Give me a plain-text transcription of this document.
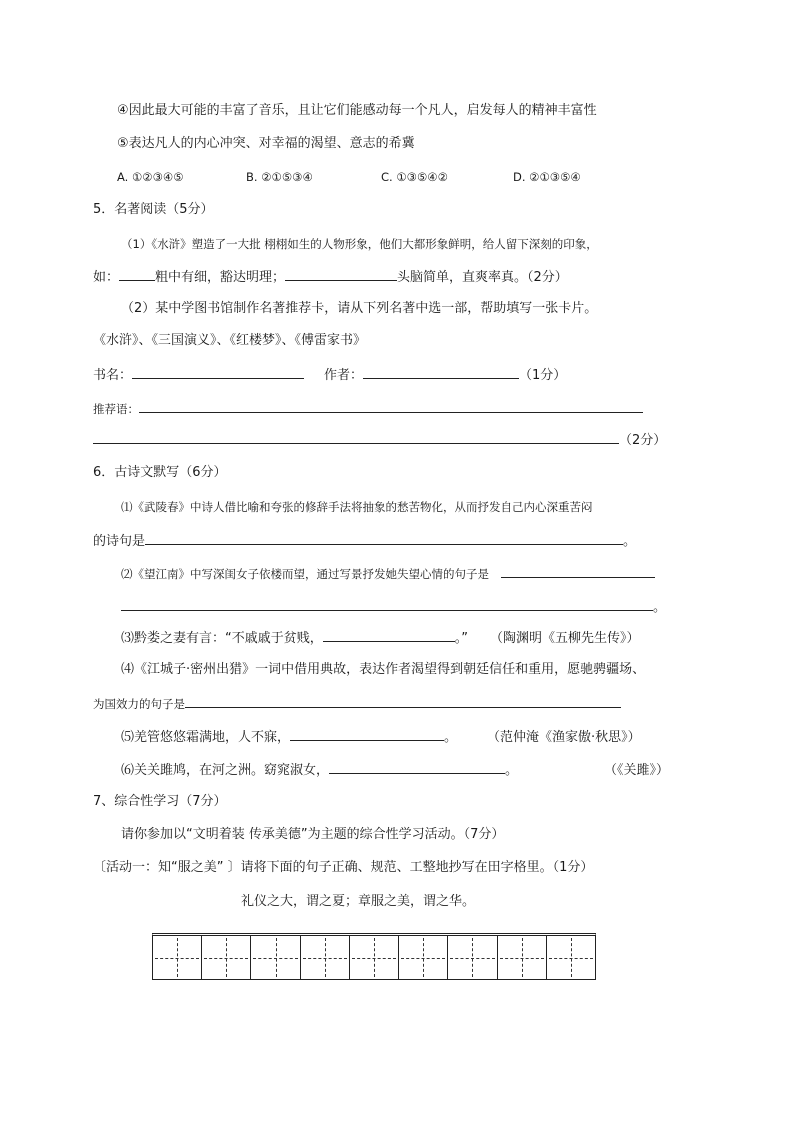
④因此最大可能的丰富了音乐，且让它们能感动每一个凡人，启发每人的精神丰富性
⑤表达凡人的内心冲突、对幸福的渴望、意志的希冀
A. ①②③④⑤	B. ②①⑤③④	C. ①③⑤④②	D. ②①③⑤④
5．名著阅读（5分）
（1）《水浒》塑造了一大批 栩栩如生的人物形象，他们大都形象鲜明，给人留下深刻的印象，
如：	粗中有细，豁达明理；	头脑简单，直爽率真。（2分）
（2）某中学图书馆制作名著推荐卡，请从下列名著中选一部，帮助填写一张卡片。
《水浒》、《三国演义》、《红楼梦》、《傅雷家书》
书名：	作者：	（1分）
推荐语：
（2分）
6．古诗文默写（6分）
⑴《武陵春》中诗人借比喻和夸张的修辞手法将抽象的愁苦物化，从而抒发自己内心深重苦闷
的诗句是	。
⑵《望江南》中写深闺女子依楼而望，通过写景抒发她失望心情的句子是
。
⑶黔娄之妻有言：“不戚戚于贫贱，	。” （陶渊明《五柳先生传》）
⑷《江城子·密州出猎》一词中借用典故，表达作者渴望得到朝廷信任和重用，愿驰骋疆场、
为国效力的句子是
⑸羌管悠悠霜满地，人不寐，	。 （范仲淹《渔家傲·秋思》）
⑹关关雎鸠，在河之洲。窈窕淑女，	。	（《关雎》）
7、综合性学习（7分）
请你参加以“文明着装 传承美德”为主题的综合性学习活动。（7分）
〔活动一：知“服之美” 〕请将下面的句子正确、规范、工整地抄写在田字格里。（1分）
礼仪之大，谓之夏；章服之美，谓之华。
